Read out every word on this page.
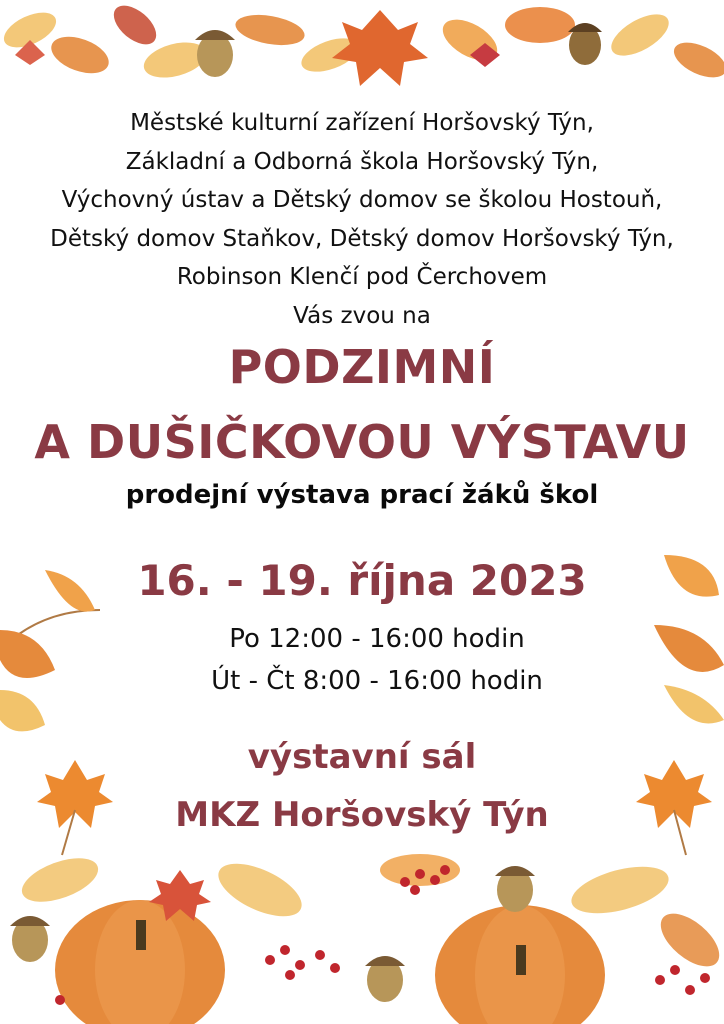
Městské kulturní zařízení Horšovský Týn,
Základní a Odborná škola Horšovský Týn,
Výchovný ústav a Dětský domov se školou Hostouň,
Dětský domov Staňkov, Dětský domov Horšovský Týn,
Robinson Klenčí pod Čerchovem
Vás zvou na
PODZIMNÍ
A DUŠIČKOVOU VÝSTAVU
prodejní výstava prací žáků škol
16. - 19. října 2023
Po 12:00 - 16:00 hodin
Út - Čt 8:00 - 16:00 hodin
výstavní sál
MKZ Horšovský Týn
